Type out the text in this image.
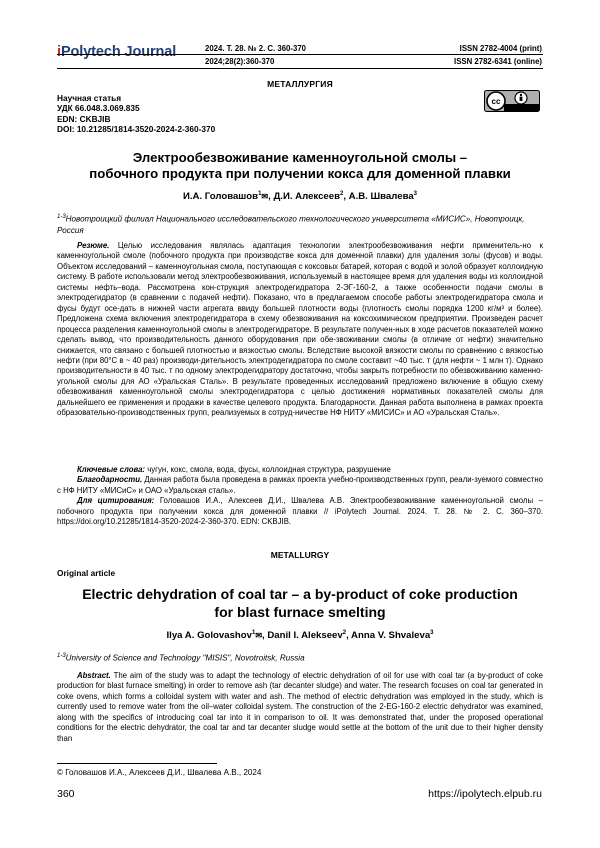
iPolytech Journal	2024. Т. 28. № 2. С. 360-370
2024;28(2):360-370
ISSN 2782-4004 (print)
ISSN 2782-6341 (online)
МЕТАЛЛУРГИЯ
Научная статья
УДК 66.048.3.069.835
EDN: CKBJIB
DOI: 10.21285/1814-3520-2024-2-360-370
cc
Электрообезвоживание каменноугольной смолы –
побочного продукта при получении кокса для доменной плавки
И.А. Головашов$^1$✉, Д.И. Алексеев$^2$, А.В. Швалева$^3$
$^{1-3}$Новотроицкий филиал Национального исследовательского технологического университета «МИСИС», Новотроицк, Россия

Резюме. Целью исследования являлась адаптация технологии электрообезвоживания нефти применитель-но к каменноугольной смоле (побочного продукта при производстве кокса для доменной плавки) для удаления золы (фусов) и воды. Объектом исследований – каменноугольная смола, поступающая с коксовых батарей, которая с водой и золой образует коллоидную систему. В работе использовали метод электрообезвоживания, используемый в настоящее время для удаления воды из коллоидной системы нефть–вода. Рассмотрена кон-струкция электродегидратора 2-ЭГ-160-2, а также особенности подачи смолы в электродегидратор (в сравнении с подачей нефти). Показано, что в предлагаемом способе работы электродегидратора смола и фусы будут осе-дать в нижней части агрегата ввиду большей плотности воды (плотность смолы порядка 1200 кг/м³ и более). Предложена схема включения электродегидратора в схему обезвоживания на коксохимическом предприятии. Произведен расчет процесса разделения каменноугольной смолы в электродегидраторе. В результате получен-ных в ходе расчетов показателей можно сделать вывод, что производительность данного оборудования при обе-звоживании смолы (в отличие от нефти) значительно снижается, что связано с большей плотностью и вязкостью смолы. Вследствие высокой вязкости смолы по сравнению с вязкостью нефти (при 80°С в ~ 40 раз) производи-дительность электродегидратора по смоле составит ~40 тыс. т (для нефти ~ 1 млн т). Однако производительности в 40 тыс. т по одному электродегидратору достаточно, чтобы закрыть потребности по обезвоживанию каменно-угольной смолы для АО «Уральская Сталь». В результате проведенных исследований предложено включение в общую схему обезвоживания каменноугольной смолы электродегидратора с целью достижения нормативных показателей смолы для дальнейшего ее применения и продажи в качестве целевого продукта. Благодарности. Данная работа выполнена в рамках проекта образовательно-производственных групп, реализуемых в сотруд-ничестве НФ НИТУ «МИСИС» и АО «Уральская Сталь».

Ключевые слова: чугун, кокс, смола, вода, фусы, коллоидная структура, разрушение

Благодарности. Данная работа была проведена в рамках проекта учебно-производственных групп, реали-зуемого совместно с НФ НИТУ «МИСиС» и ОАО «Уральская сталь».

Для цитирования: Головашов И.А., Алексеев Д.И., Швалева А.В. Электрообезвоживание каменноугольной смолы – побочного продукта при получении кокса для доменной плавки // iPolytech Journal. 2024. Т. 28. № 2. С. 360–370. https://doi.org/10.21285/1814-3520-2024-2-360-370. EDN: CKBJIB.

METALLURGY
Original article
Electric dehydration of coal tar – a by-product of coke production
for blast furnace smelting
Ilya A. Golovashov$^1$✉, Danil I. Alekseev$^2$, Anna V. Shvaleva$^3$
$^{1-3}$University of Science and Technology "MISIS", Novotroitsk, Russia

Abstract. The aim of the study was to adapt the technology of electric dehydration of oil for use with coal tar (a by-product of coke production for blast furnace smelting) in order to remove ash (tar decanter sludge) and water. The research focuses on coal tar generated in coke ovens, which forms a colloidal system with water and ash. The method of electric dehydration was employed in the study, which is currently used to remove water from the oil–water colloidal system. The construction of the 2-EG-160-2 electric dehydrator was examined, along with the specifics of introducing coal tar into it in comparison to oil. It was demonstrated that, under the proposed operational conditions for the electric dehydrator, the coal tar and tar decanter sludge would settle at the bottom of the unit due to their higher density than

© Головашов И.А., Алексеев Д.И., Швалева А.В., 2024
360	https://ipolytech.elpub.ru
